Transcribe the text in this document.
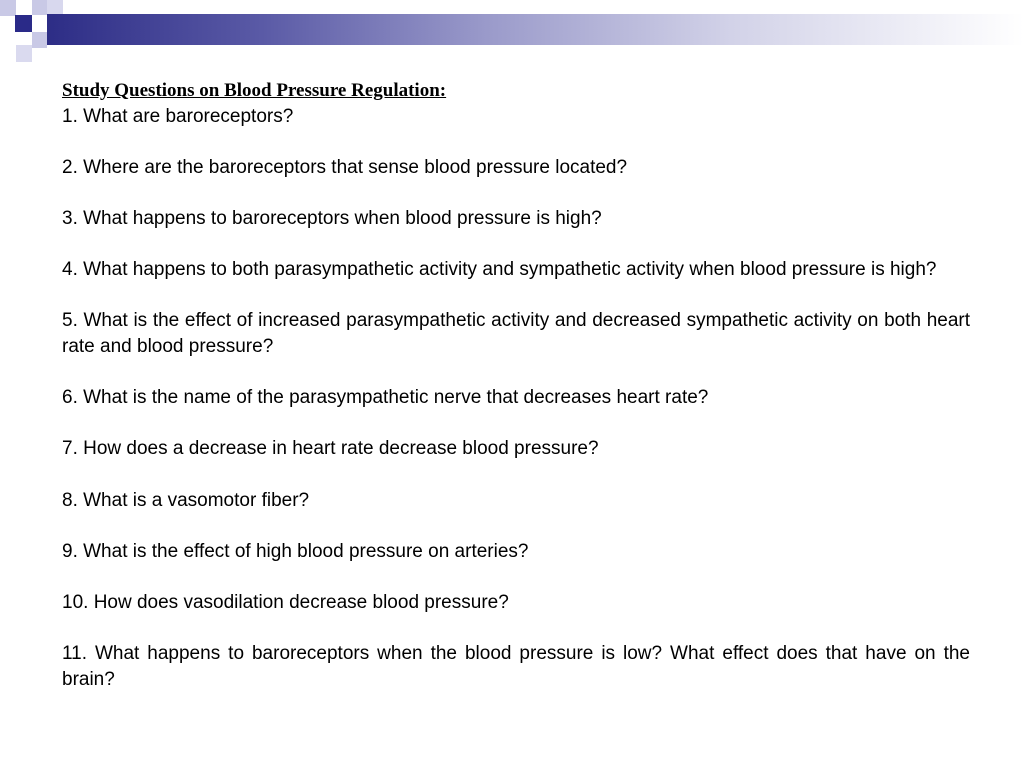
Study Questions on Blood Pressure Regulation:
1. What are baroreceptors?
2. Where are the baroreceptors that sense blood pressure located?
3. What happens to baroreceptors when blood pressure is high?
4. What happens to both parasympathetic activity and sympathetic activity when blood pressure is high?
5. What is the effect of increased parasympathetic activity and decreased sympathetic activity on both heart rate and blood pressure?
6. What is the name of the parasympathetic nerve that decreases heart rate?
7. How does a decrease in heart rate decrease blood pressure?
8. What is a vasomotor fiber?
9. What is the effect of high blood pressure on arteries?
10. How does vasodilation decrease blood pressure?
11. What happens to baroreceptors when the blood pressure is low? What effect does that have on the brain?
